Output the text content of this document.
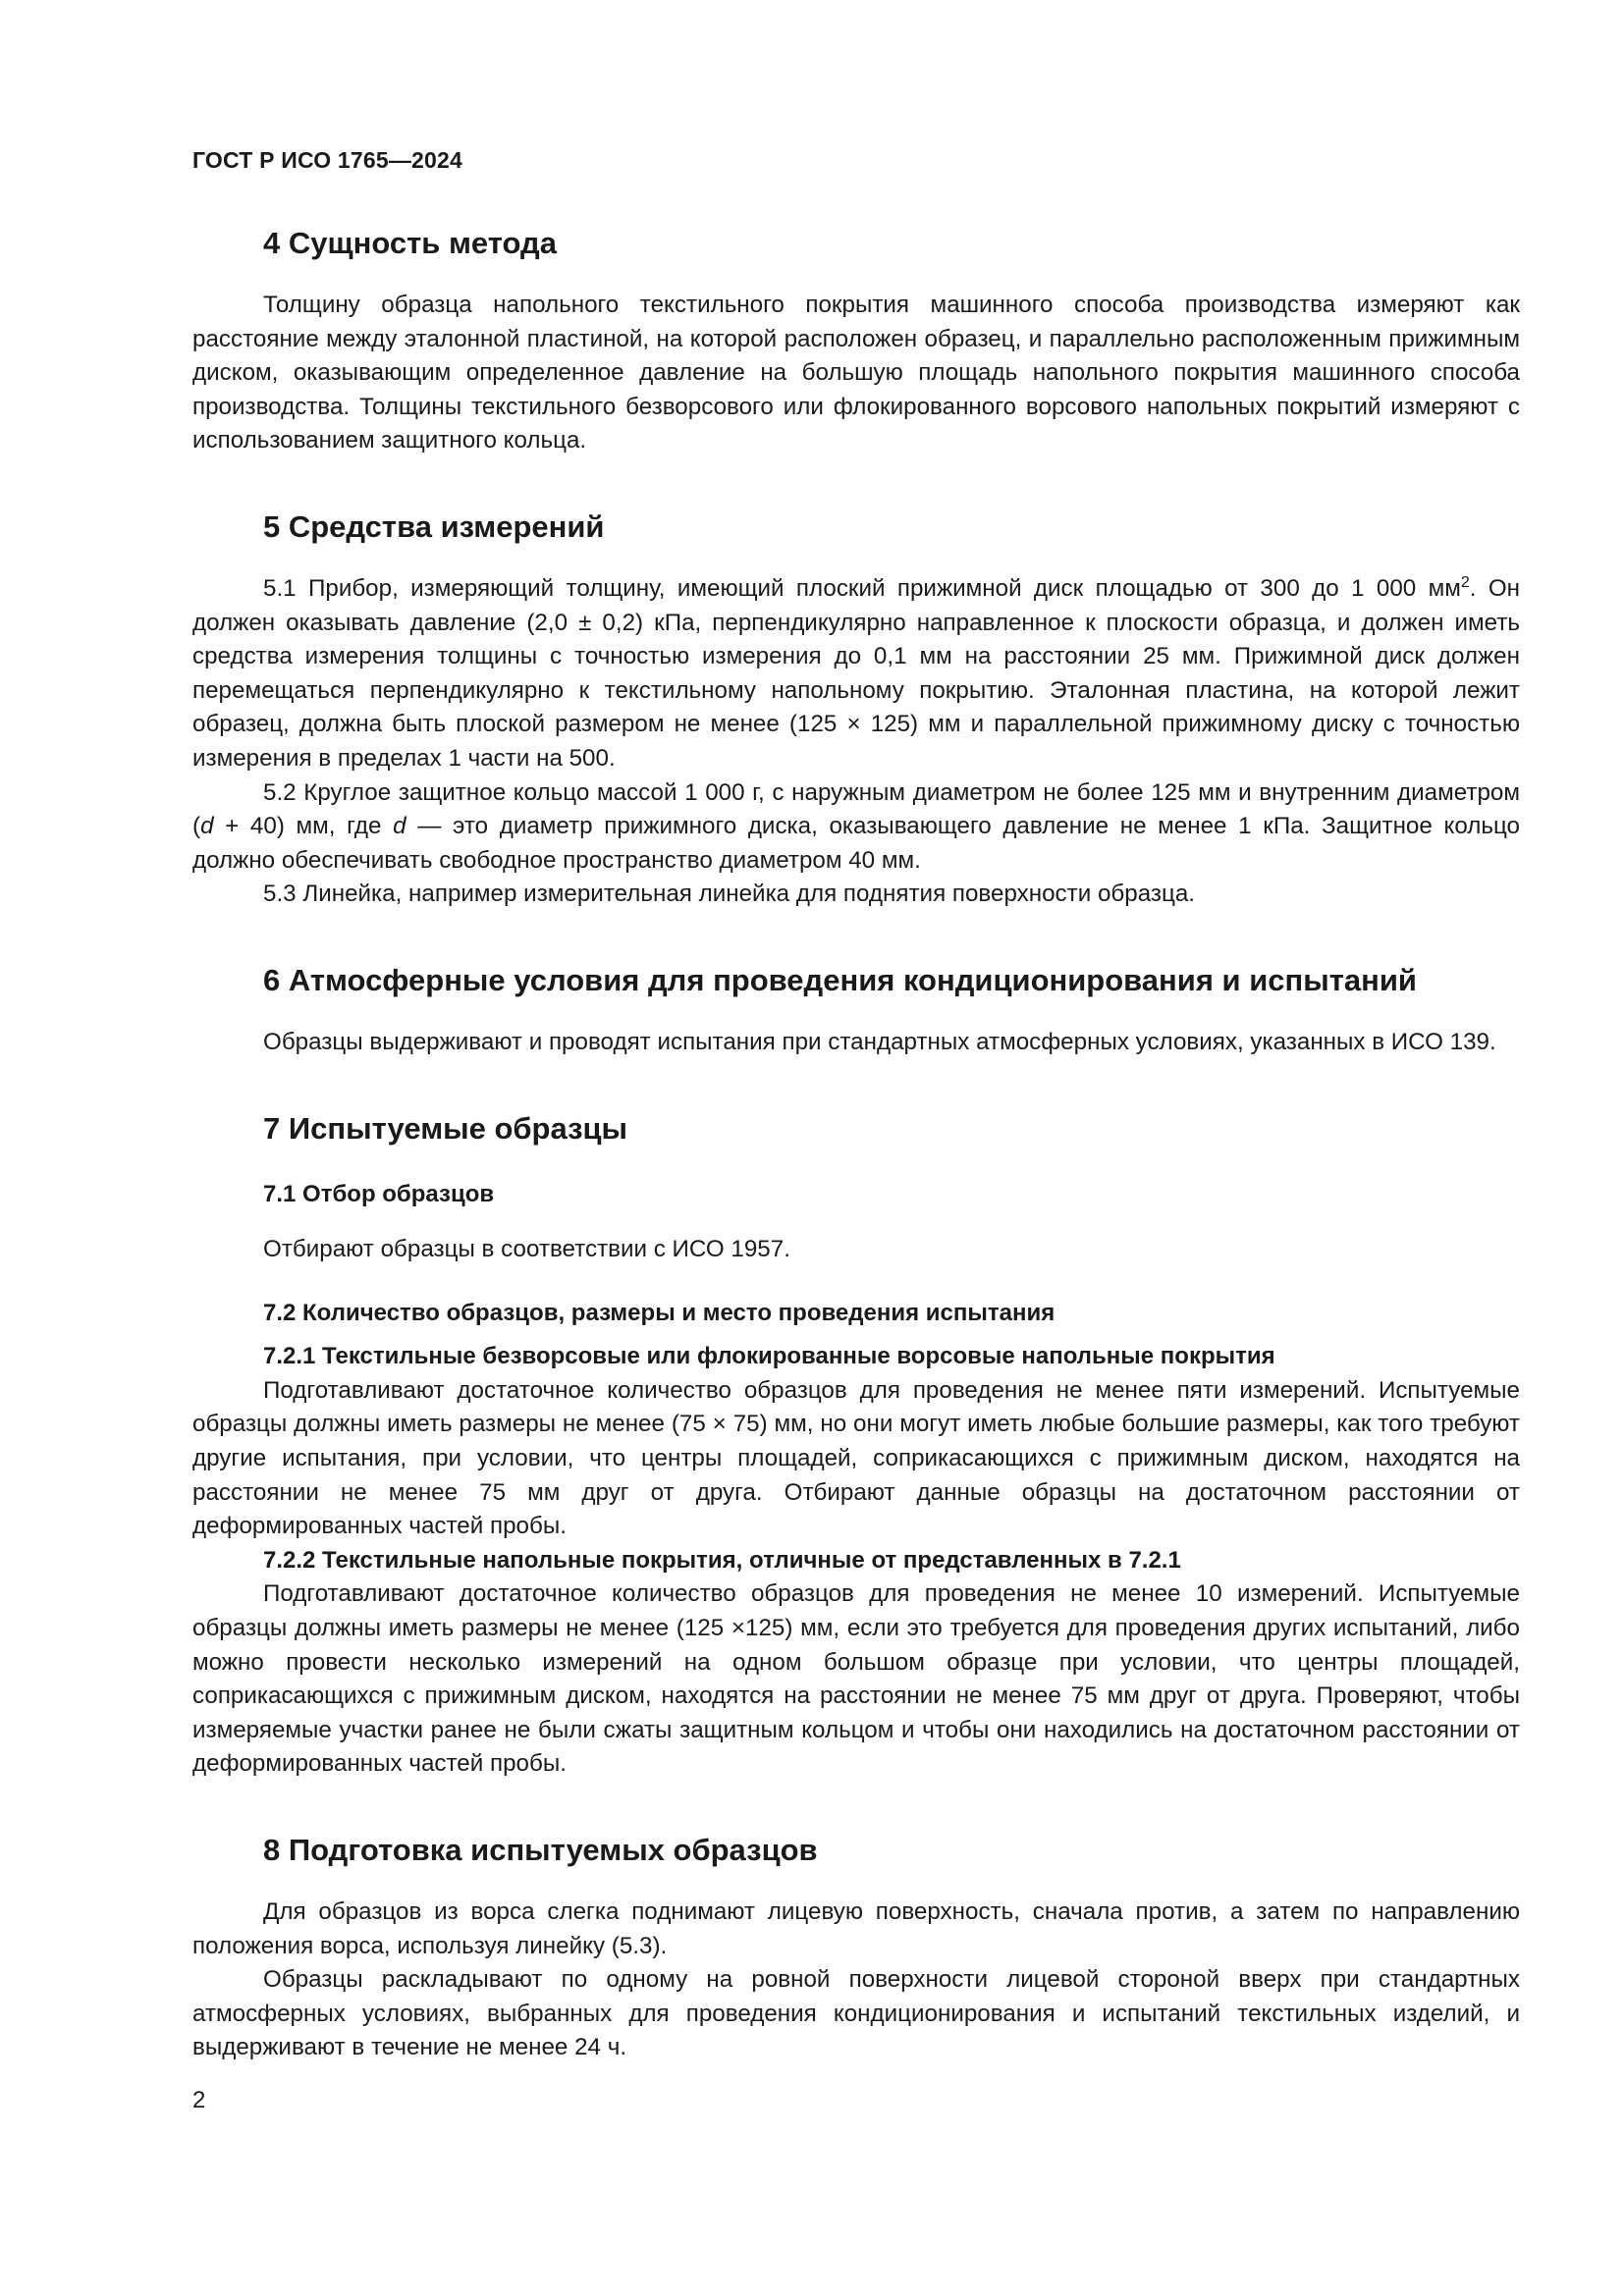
ГОСТ Р ИСО 1765—2024
4 Сущность метода

Толщину образца напольного текстильного покрытия машинного способа производства измеряют как расстояние между эталонной пластиной, на которой расположен образец, и параллельно расположенным прижимным диском, оказывающим определенное давление на большую площадь напольного покрытия машинного способа производства. Толщины текстильного безворсового или флокированного ворсового напольных покрытий измеряют с использованием защитного кольца.

5 Средства измерений

5.1 Прибор, измеряющий толщину, имеющий плоский прижимной диск площадью от 300 до 1 000 $мм^2$. Он должен оказывать давление (2,0 ± 0,2) кПа, перпендикулярно направленное к плоскости образца, и должен иметь средства измерения толщины с точностью измерения до 0,1 мм на расстоянии 25 мм. Прижимной диск должен перемещаться перпендикулярно к текстильному напольному покрытию. Эталонная пластина, на которой лежит образец, должна быть плоской размером не менее (125 × 125) мм и параллельной прижимному диску с точностью измерения в пределах 1 части на 500.

5.2 Круглое защитное кольцо массой 1 000 г, с наружным диаметром не более 125 мм и внутренним диаметром (d + 40) мм, где d — это диаметр прижимного диска, оказывающего давление не менее 1 кПа. Защитное кольцо должно обеспечивать свободное пространство диаметром 40 мм.

5.3 Линейка, например измерительная линейка для поднятия поверхности образца.

6 Атмосферные условия для проведения кондиционирования и испытаний

Образцы выдерживают и проводят испытания при стандартных атмосферных условиях, указанных в ИСО 139.

7 Испытуемые образцы
7.1 Отбор образцов

Отбирают образцы в соответствии с ИСО 1957.

7.2 Количество образцов, размеры и место проведения испытания
7.2.1 Текстильные безворсовые или флокированные ворсовые напольные покрытия

Подготавливают достаточное количество образцов для проведения не менее пяти измерений. Испытуемые образцы должны иметь размеры не менее (75 × 75) мм, но они могут иметь любые большие размеры, как того требуют другие испытания, при условии, что центры площадей, соприкасающихся с прижимным диском, находятся на расстоянии не менее 75 мм друг от друга. Отбирают данные образцы на достаточном расстоянии от деформированных частей пробы.

7.2.2 Текстильные напольные покрытия, отличные от представленных в 7.2.1

Подготавливают достаточное количество образцов для проведения не менее 10 измерений. Испытуемые образцы должны иметь размеры не менее (125 ×125) мм, если это требуется для проведения других испытаний, либо можно провести несколько измерений на одном большом образце при условии, что центры площадей, соприкасающихся с прижимным диском, находятся на расстоянии не менее 75 мм друг от друга. Проверяют, чтобы измеряемые участки ранее не были сжаты защитным кольцом и чтобы они находились на достаточном расстоянии от деформированных частей пробы.

8 Подготовка испытуемых образцов

Для образцов из ворса слегка поднимают лицевую поверхность, сначала против, а затем по направлению положения ворса, используя линейку (5.3).

Образцы раскладывают по одному на ровной поверхности лицевой стороной вверх при стандартных атмосферных условиях, выбранных для проведения кондиционирования и испытаний текстильных изделий, и выдерживают в течение не менее 24 ч.

2
